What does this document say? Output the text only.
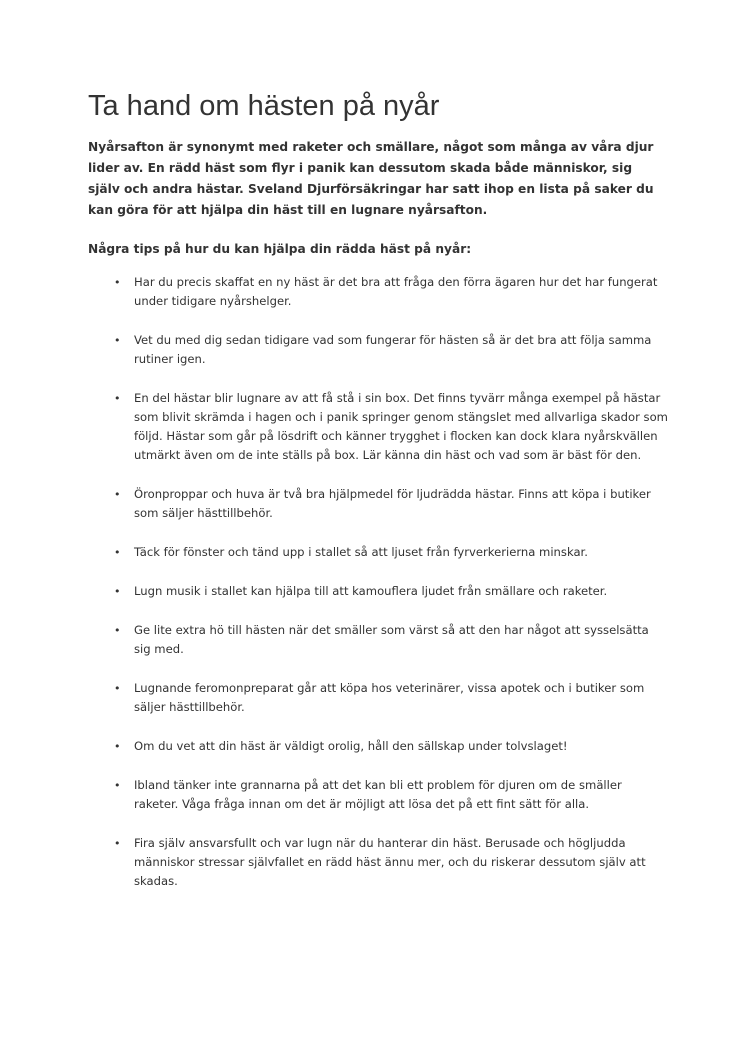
Ta hand om hästen på nyår

Nyårsafton är synonymt med raketer och smällare, något som många av våra djur lider av. En rädd häst som flyr i panik kan dessutom skada både människor, sig själv och andra hästar. Sveland Djurförsäkringar har satt ihop en lista på saker du kan göra för att hjälpa din häst till en lugnare nyårsafton.

Några tips på hur du kan hjälpa din rädda häst på nyår:

• Har du precis skaffat en ny häst är det bra att fråga den förra ägaren hur det har fungerat under tidigare nyårshelger.
• Vet du med dig sedan tidigare vad som fungerar för hästen så är det bra att följa samma rutiner igen.
• En del hästar blir lugnare av att få stå i sin box. Det finns tyvärr många exempel på hästar som blivit skrämda i hagen och i panik springer genom stängslet med allvarliga skador som följd. Hästar som går på lösdrift och känner trygghet i flocken kan dock klara nyårskvällen utmärkt även om de inte ställs på box. Lär känna din häst och vad som är bäst för den.
• Öronproppar och huva är två bra hjälpmedel för ljudrädda hästar. Finns att köpa i butiker som säljer hästtillbehör.
• Täck för fönster och tänd upp i stallet så att ljuset från fyrverkerierna minskar.
• Lugn musik i stallet kan hjälpa till att kamouflera ljudet från smällare och raketer.
• Ge lite extra hö till hästen när det smäller som värst så att den har något att sysselsätta sig med.
• Lugnande feromonpreparat går att köpa hos veterinärer, vissa apotek och i butiker som säljer hästtillbehör.
• Om du vet att din häst är väldigt orolig, håll den sällskap under tolvslaget!
• Ibland tänker inte grannarna på att det kan bli ett problem för djuren om de smäller raketer. Våga fråga innan om det är möjligt att lösa det på ett fint sätt för alla.
• Fira själv ansvarsfullt och var lugn när du hanterar din häst. Berusade och högljudda människor stressar självfallet en rädd häst ännu mer, och du riskerar dessutom själv att skadas.
